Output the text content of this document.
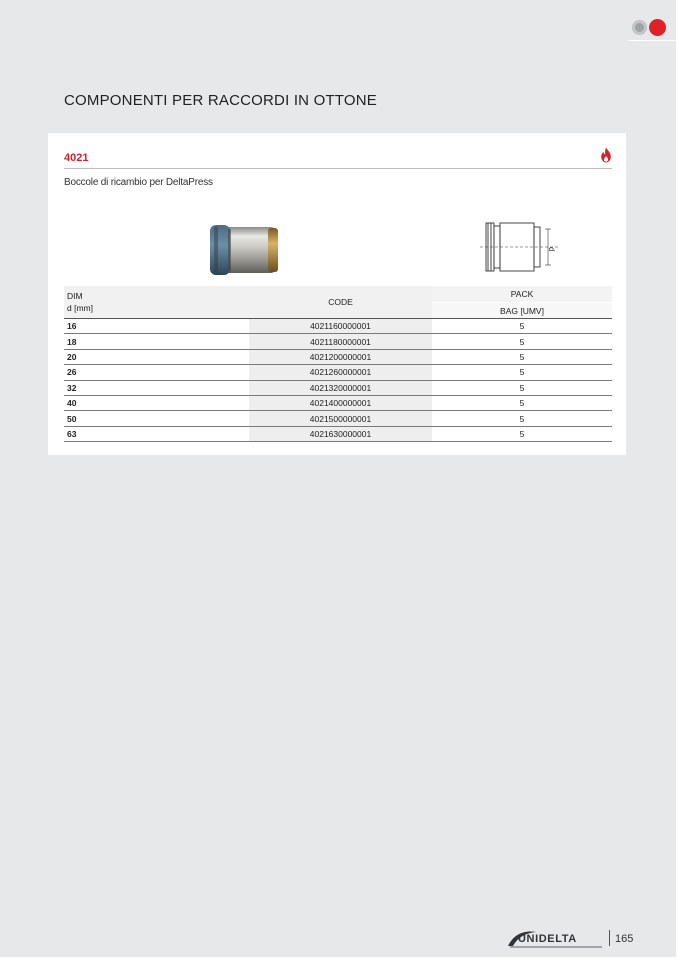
COMPONENTI PER RACCORDI IN OTTONE
4021

Boccole di ricambio per DeltaPress

d
DIM
d [mm]	CODE	PACK
		BAG [UMV]
16	4021160000001	5
18	4021180000001	5
20	4021200000001	5
26	4021260000001	5
32	4021320000001	5
40	4021400000001	5
50	4021500000001	5
63	4021630000001	5
UNIDELTA	165
